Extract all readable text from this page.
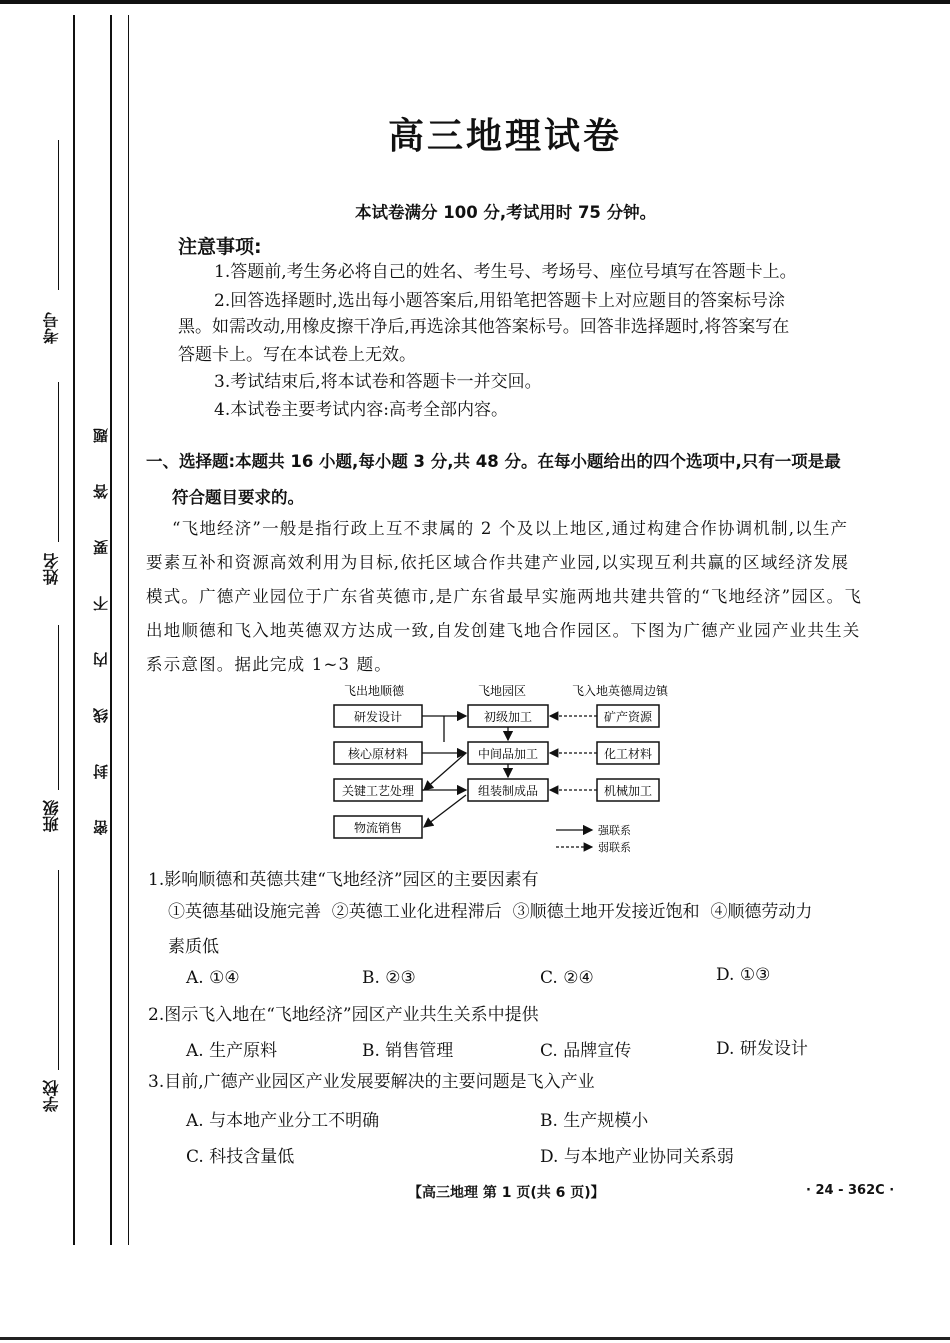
考号
姓名
班级
学校
题
答
要
不
内
线
封
密
高三地理试卷
本试卷满分 100 分,考试用时 75 分钟。
注意事项:
1.答题前,考生务必将自己的姓名、考生号、考场号、座位号填写在答题卡上。
2.回答选择题时,选出每小题答案后,用铅笔把答题卡上对应题目的答案标号涂
黑。如需改动,用橡皮擦干净后,再选涂其他答案标号。回答非选择题时,将答案写在
答题卡上。写在本试卷上无效。
3.考试结束后,将本试卷和答题卡一并交回。
4.本试卷主要考试内容:高考全部内容。
一、选择题:本题共 16 小题,每小题 3 分,共 48 分。在每小题给出的四个选项中,只有一项是最
符合题目要求的。
“飞地经济”一般是指行政上互不隶属的 2 个及以上地区,通过构建合作协调机制,以生产
要素互补和资源高效利用为目标,依托区域合作共建产业园,以实现互利共赢的区域经济发展
模式。广德产业园位于广东省英德市,是广东省最早实施两地共建共管的“飞地经济”园区。飞
出地顺德和飞入地英德双方达成一致,自发创建飞地合作园区。下图为广德产业园产业共生关
系示意图。据此完成 1~3 题。
飞出地顺德	飞地园区	飞入地英德周边镇
研发设计
核心原材料
关键工艺处理
物流销售
初级加工
中间品加工
组装制成品
矿产资源
化工材料
机械加工
强联系
弱联系
1.影响顺德和英德共建“飞地经济”园区的主要因素有
①英德基础设施完善  ②英德工业化进程滞后  ③顺德土地开发接近饱和  ④顺德劳动力
素质低
A. ①④	B. ②③	C. ②④	D. ①③
2.图示飞入地在“飞地经济”园区产业共生关系中提供
A. 生产原料	B. 销售管理	C. 品牌宣传	D. 研发设计
3.目前,广德产业园区产业发展要解决的主要问题是飞入产业
A. 与本地产业分工不明确	B. 生产规模小
C. 科技含量低	D. 与本地产业协同关系弱
【高三地理 第 1 页(共 6 页)】	· 24 - 362C ·
